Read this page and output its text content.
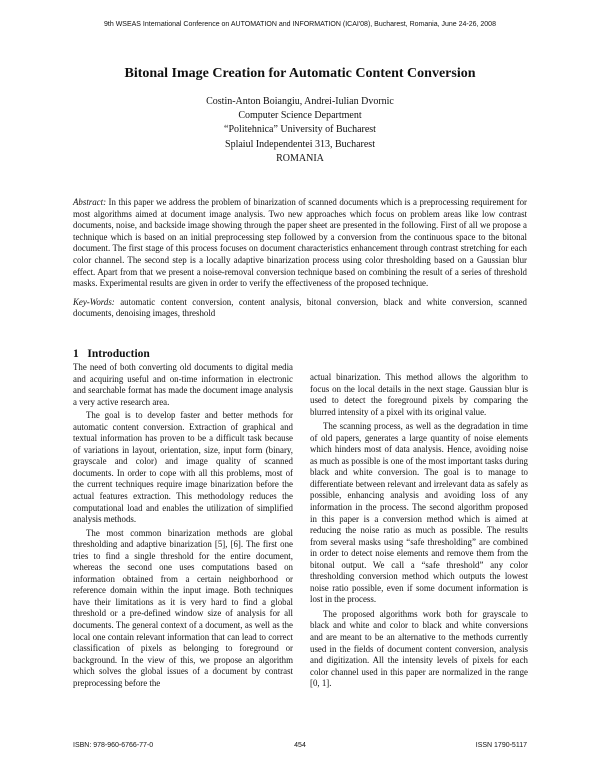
9th WSEAS International Conference on AUTOMATION and INFORMATION (ICAI'08), Bucharest, Romania, June 24-26, 2008
Bitonal Image Creation for Automatic Content Conversion
Costin-Anton Boiangiu, Andrei-Iulian Dvornic
Computer Science Department
“Politehnica” University of Bucharest
Splaiul Independentei 313, Bucharest
ROMANIA

Abstract: In this paper we address the problem of binarization of scanned documents which is a preprocessing requirement for most algorithms aimed at document image analysis. Two new approaches which focus on problem areas like low contrast documents, noise, and backside image showing through the paper sheet are presented in the following. First of all we propose a technique which is based on an initial preprocessing step followed by a conversion from the continuous space to the bitonal document. The first stage of this process focuses on document characteristics enhancement through contrast stretching for each color channel. The second step is a locally adaptive binarization process using color thresholding based on a Gaussian blur effect. Apart from that we present a noise-removal conversion technique based on combining the result of a series of threshold masks. Experimental results are given in order to verify the effectiveness of the proposed technique.

Key-Words: automatic content conversion, content analysis, bitonal conversion, black and white conversion, scanned documents, denoising images, threshold

1 Introduction

The need of both converting old documents to digital media and acquiring useful and on-time information in electronic and searchable format has made the document image analysis a very active research area.

The goal is to develop faster and better methods for automatic content conversion. Extraction of graphical and textual information has proven to be a difficult task because of variations in layout, orientation, size, input form (binary, grayscale and color) and image quality of scanned documents. In order to cope with all this problems, most of the current techniques require image binarization before the actual features extraction. This methodology reduces the computational load and enables the utilization of simplified analysis methods.

The most common binarization methods are global thresholding and adaptive binarization [5], [6]. The first one tries to find a single threshold for the entire document, whereas the second one uses computations based on information obtained from a certain neighborhood or reference domain within the input image. Both techniques have their limitations as it is very hard to find a global threshold or a pre-defined window size of analysis for all documents. The general context of a document, as well as the local one contain relevant information that can lead to correct classification of pixels as belonging to foreground or background. In the view of this, we propose an algorithm which solves the global issues of a document by contrast preprocessing before the

actual binarization. This method allows the algorithm to focus on the local details in the next stage. Gaussian blur is used to detect the foreground pixels by comparing the blurred intensity of a pixel with its original value.

The scanning process, as well as the degradation in time of old papers, generates a large quantity of noise elements which hinders most of data analysis. Hence, avoiding noise as much as possible is one of the most important tasks during black and white conversion. The goal is to manage to differentiate between relevant and irrelevant data as safely as possible, enhancing analysis and avoiding loss of any information in the process. The second algorithm proposed in this paper is a conversion method which is aimed at reducing the noise ratio as much as possible. The results from several masks using “safe thresholding” are combined in order to detect noise elements and remove them from the bitonal output. We call a “safe threshold” any color thresholding conversion method which outputs the lowest noise ratio possible, even if some document information is lost in the process.

The proposed algorithms work both for grayscale to black and white and color to black and white conversions and are meant to be an alternative to the methods currently used in the fields of document content conversion, analysis and digitization. All the intensity levels of pixels for each color channel used in this paper are normalized in the range [0, 1].

ISBN: 978-960-6766-77-0	454	ISSN 1790-5117
